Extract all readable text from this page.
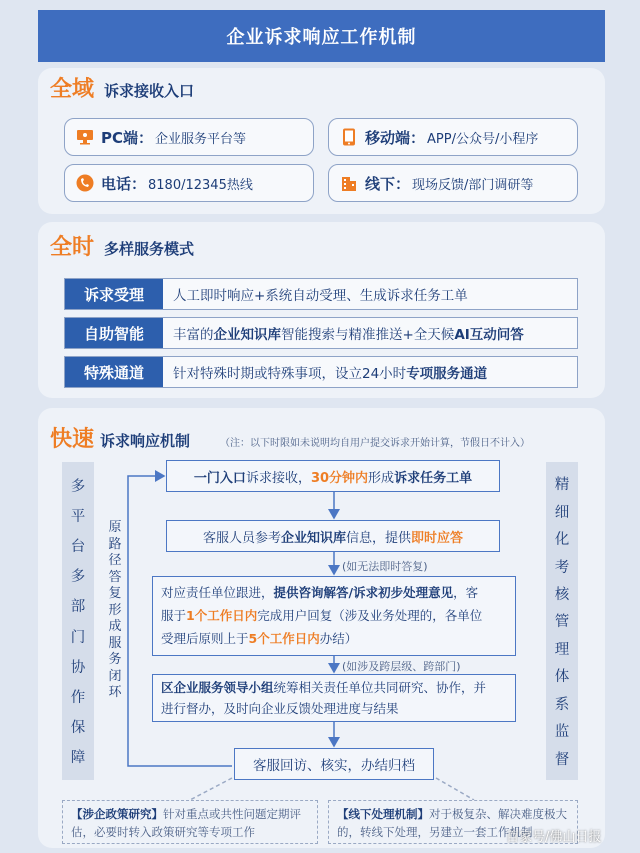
企业诉求响应工作机制
全域 诉求接收入口
PC端： 企业服务平台等	移动端： APP/公众号/小程序
电话： 8180/12345热线	线下： 现场反馈/部门调研等
全时 多样服务模式
诉求受理	人工即时响应+系统自动受理、生成诉求任务工单
自助智能	丰富的 企业知识库 智能搜索与精准推送+全天候 AI互动问答
特殊通道	针对特殊时期或特殊事项，设立24小时 专项服务通道
快速 诉求响应机制	（注：以下时限如未说明均自用户提交诉求开始计算，节假日不计入）
多
平
台
多
部
门
协
作
保
障
精
细
化
考
核
管
理
体
系
监
督
原
路
径
答
复
形
成
服
务
闭
环
一门入口 诉求接收， 30分钟内 形成 诉求任务工单
客服人员参考 企业知识库 信息，提供 即时应答
(如无法即时答复)
对应责任单位跟进，提供咨询解答/诉求初步处理意见，客
服于1个工作日内完成用户回复（涉及业务处理的，各单位
受理后原则上于5个工作日内办结）
(如涉及跨层级、跨部门)
区企业服务领导小组统筹相关责任单位共同研究、协作，并
进行督办，及时向企业反馈处理进度与结果
客服回访、核实，办结归档
【涉企政策研究】针对重点或共性问题定期评
估，必要时转入政策研究等专项工作
【线下处理机制】对于极复杂、解决难度极大
的，转线下处理，另建立一套工作机制
百家号/佛山日报
